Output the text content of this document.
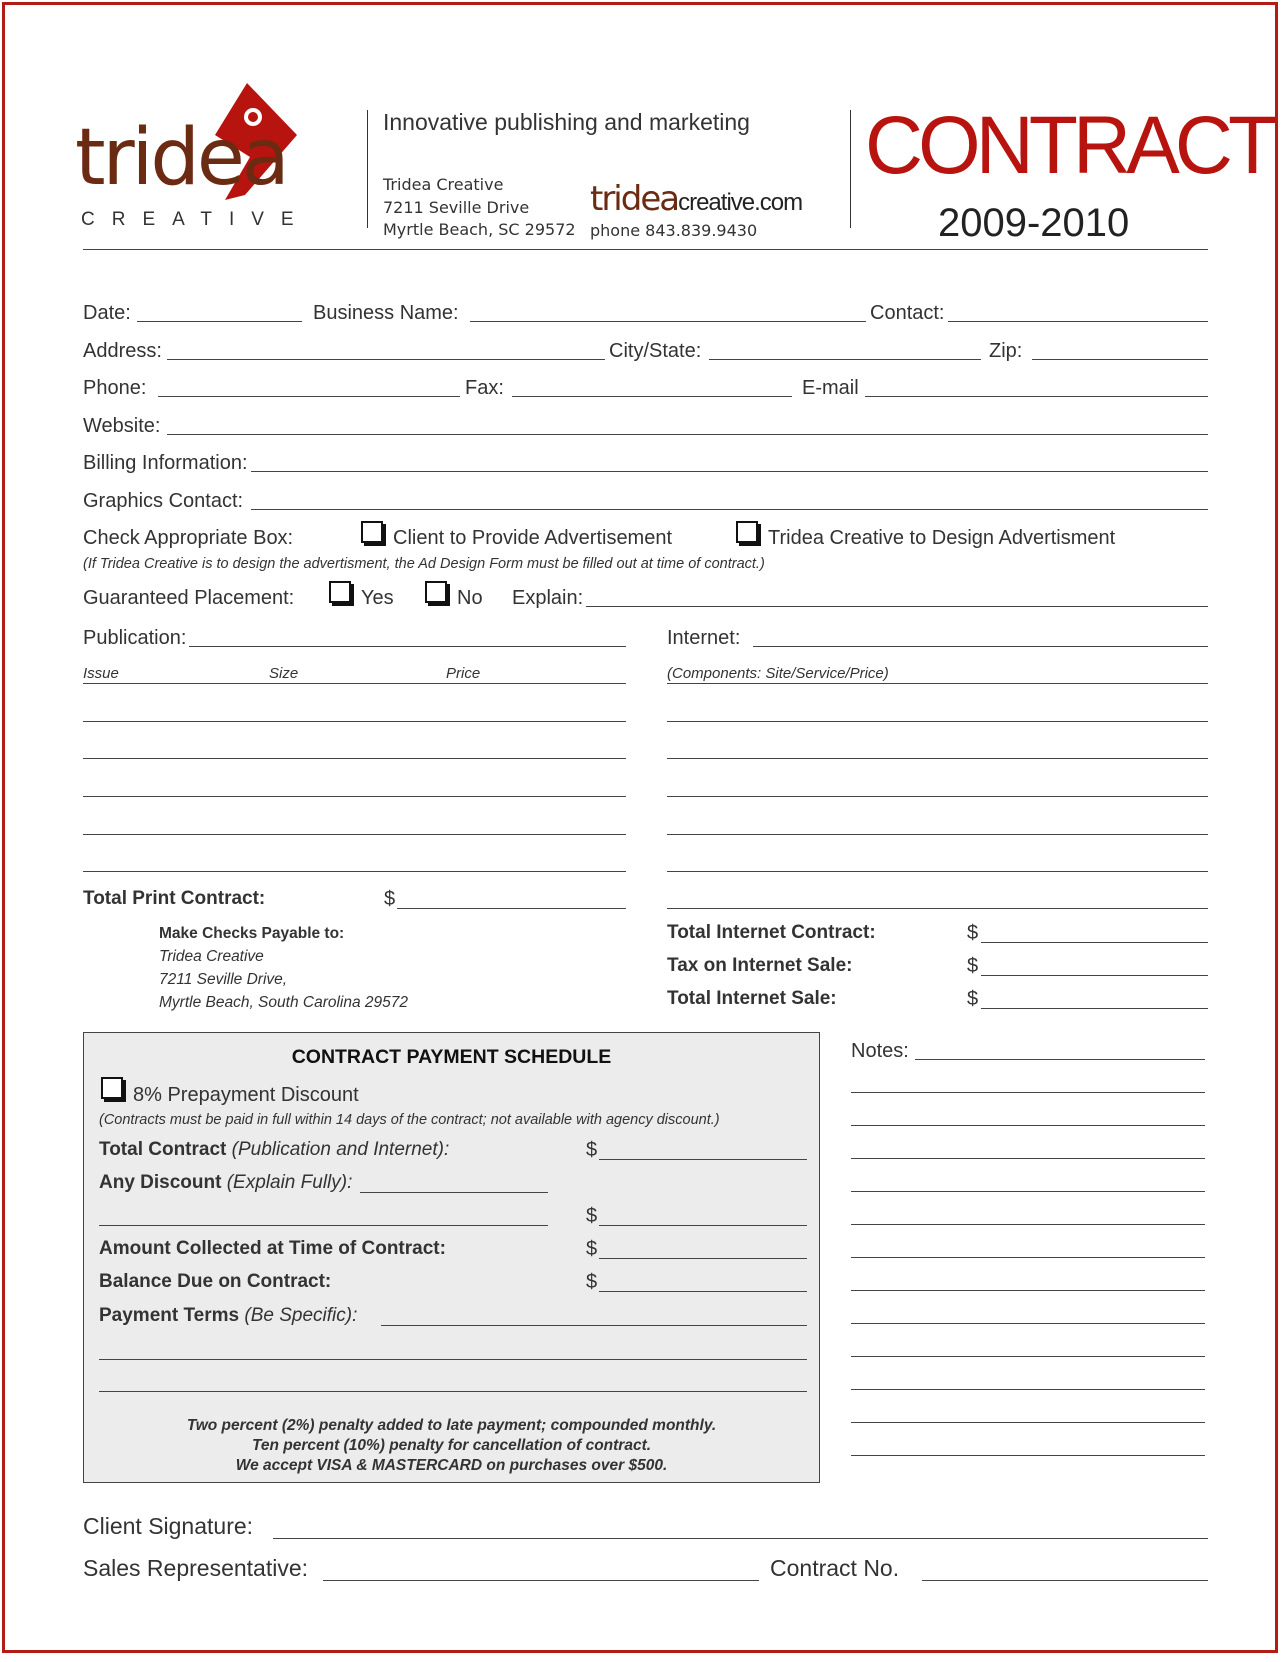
tridea
CREATIVE
Innovative publishing and marketing
Tridea Creative
7211 Seville Drive
Myrtle Beach, SC 29572
trideacreative.com
phone 843.839.9430
CONTRACT
2009-2010
Date:	Business Name:	Contact:
Address:	City/State:	Zip:
Phone:	Fax:	E-mail
Website:
Billing Information:
Graphics Contact:
Check Appropriate Box:	Client to Provide Advertisement	Tridea Creative to Design Advertisment
(If Tridea Creative is to design the advertisment, the Ad Design Form must be filled out at time of contract.)
Guaranteed Placement:	Yes	No Explain:
Publication:
Issue	Size	Price
Total Print Contract:	$
Make Checks Payable to:
Tridea Creative
7211 Seville Drive,
Myrtle Beach, South Carolina 29572
Internet:
(Components: Site/Service/Price)
Total Internet Contract:	$
Tax on Internet Sale:	$
Total Internet Sale:	$
CONTRACT PAYMENT SCHEDULE
8% Prepayment Discount
(Contracts must be paid in full within 14 days of the contract; not available with agency discount.)
Total Contract (Publication and Internet):	$
Any Discount (Explain Fully):
$
Amount Collected at Time of Contract:	$
Balance Due on Contract:	$
Payment Terms (Be Specific):
Two percent (2%) penalty added to late payment; compounded monthly.
Ten percent (10%) penalty for cancellation of contract.
We accept VISA & MASTERCARD on purchases over $500.
Notes:
Client Signature:
Sales Representative:	Contract No.
